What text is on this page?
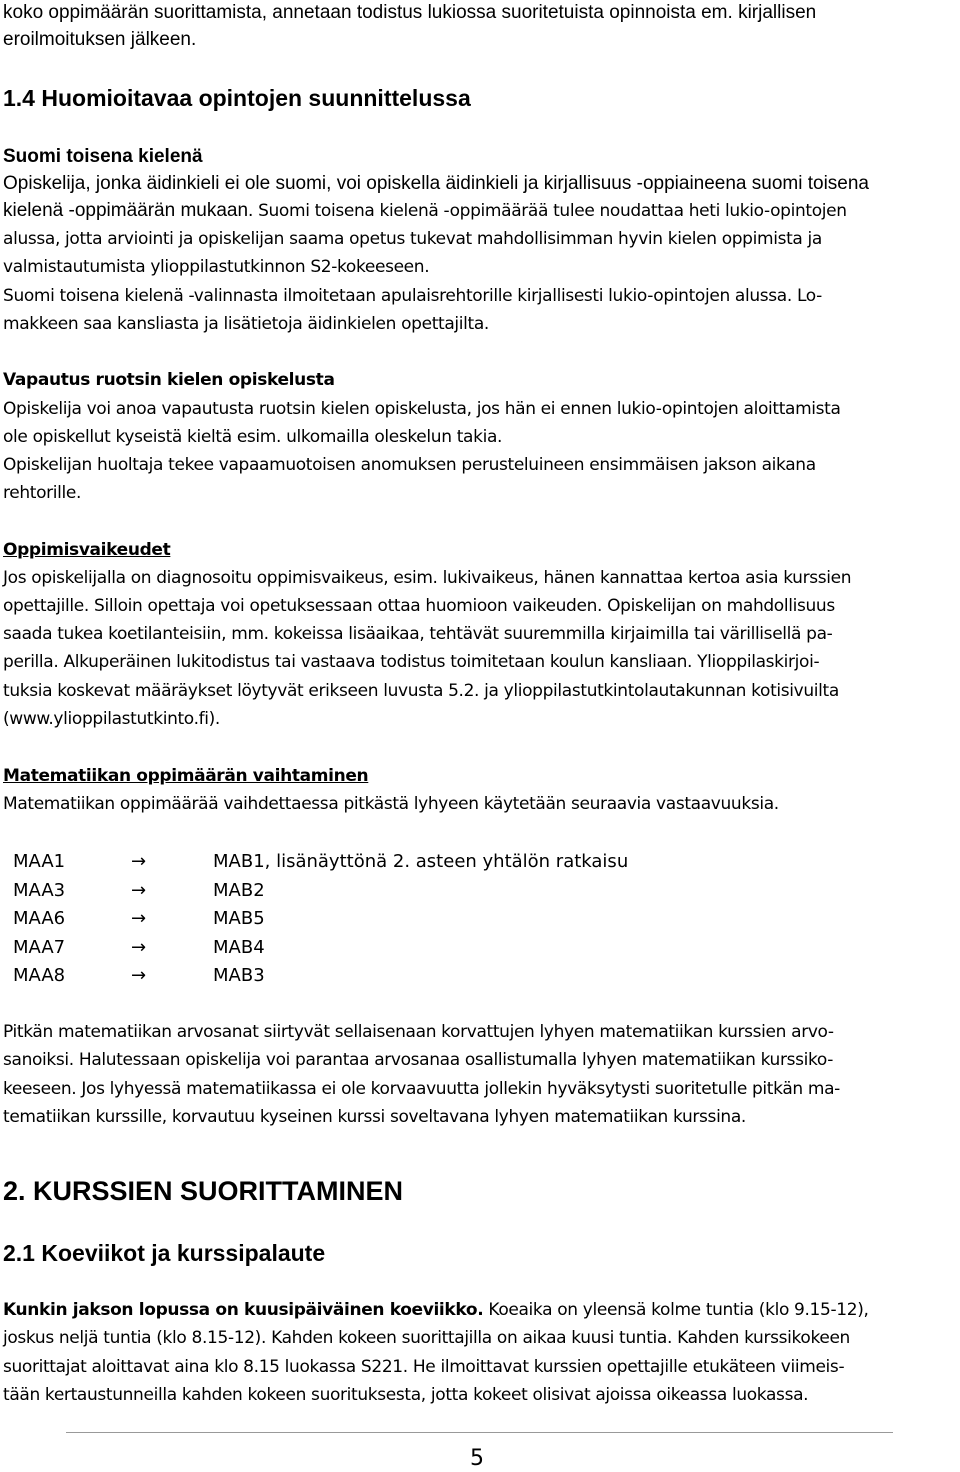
koko oppimäärän suorittamista, annetaan todistus lukiossa suoritetuista opinnoista em. kirjallisen
eroilmoituksen jälkeen.
1.4 Huomioitavaa opintojen suunnittelussa
Suomi toisena kielenä
Opiskelija, jonka äidinkieli ei ole suomi, voi opiskella äidinkieli ja kirjallisuus -oppiaineena suomi toisena
kielenä -oppimäärän mukaan. Suomi toisena kielenä -oppimäärää tulee noudattaa heti lukio-opintojen
alussa, jotta arviointi ja opiskelijan saama opetus tukevat mahdollisimman hyvin kielen oppimista ja
valmistautumista ylioppilastutkinnon S2-kokeeseen.
Suomi toisena kielenä -valinnasta ilmoitetaan apulaisrehtorille kirjallisesti lukio-opintojen alussa. Lo-
makkeen saa kansliasta ja lisätietoja äidinkielen opettajilta.
Vapautus ruotsin kielen opiskelusta
Opiskelija voi anoa vapautusta ruotsin kielen opiskelusta, jos hän ei ennen lukio-opintojen aloittamista
ole opiskellut kyseistä kieltä esim. ulkomailla oleskelun takia.
Opiskelijan huoltaja tekee vapaamuotoisen anomuksen perusteluineen ensimmäisen jakson aikana
rehtorille.
Oppimisvaikeudet
Jos opiskelijalla on diagnosoitu oppimisvaikeus, esim. lukivaikeus, hänen kannattaa kertoa asia kurssien
opettajille. Silloin opettaja voi opetuksessaan ottaa huomioon vaikeuden. Opiskelijan on mahdollisuus
saada tukea koetilanteisiin, mm. kokeissa lisäaikaa, tehtävät suuremmilla kirjaimilla tai värillisellä pa-
perilla. Alkuperäinen lukitodistus tai vastaava todistus toimitetaan koulun kansliaan. Ylioppilaskirjoi-
tuksia koskevat määräykset löytyvät erikseen luvusta 5.2. ja ylioppilastutkintolautakunnan kotisivuilta
(www.ylioppilastutkinto.fi).
Matematiikan oppimäärän vaihtaminen
Matematiikan oppimäärää vaihdettaessa pitkästä lyhyeen käytetään seuraavia vastaavuuksia.
MAA1	→	MAB1, lisänäyttönä 2. asteen yhtälön ratkaisu
MAA3	→	MAB2
MAA6	→	MAB5
MAA7	→	MAB4
MAA8	→	MAB3
Pitkän matematiikan arvosanat siirtyvät sellaisenaan korvattujen lyhyen matematiikan kurssien arvo-
sanoiksi. Halutessaan opiskelija voi parantaa arvosanaa osallistumalla lyhyen matematiikan kurssiko-
keeseen. Jos lyhyessä matematiikassa ei ole korvaavuutta jollekin hyväksytysti suoritetulle pitkän ma-
tematiikan kurssille, korvautuu kyseinen kurssi soveltavana lyhyen matematiikan kurssina.
2. KURSSIEN SUORITTAMINEN
2.1 Koeviikot ja kurssipalaute
Kunkin jakson lopussa on kuusipäiväinen koeviikko. Koeaika on yleensä kolme tuntia (klo 9.15-12),
joskus neljä tuntia (klo 8.15-12). Kahden kokeen suorittajilla on aikaa kuusi tuntia. Kahden kurssikokeen
suorittajat aloittavat aina klo 8.15 luokassa S221. He ilmoittavat kurssien opettajille etukäteen viimeis-
tään kertaustunneilla kahden kokeen suorituksesta, jotta kokeet olisivat ajoissa oikeassa luokassa.
5
